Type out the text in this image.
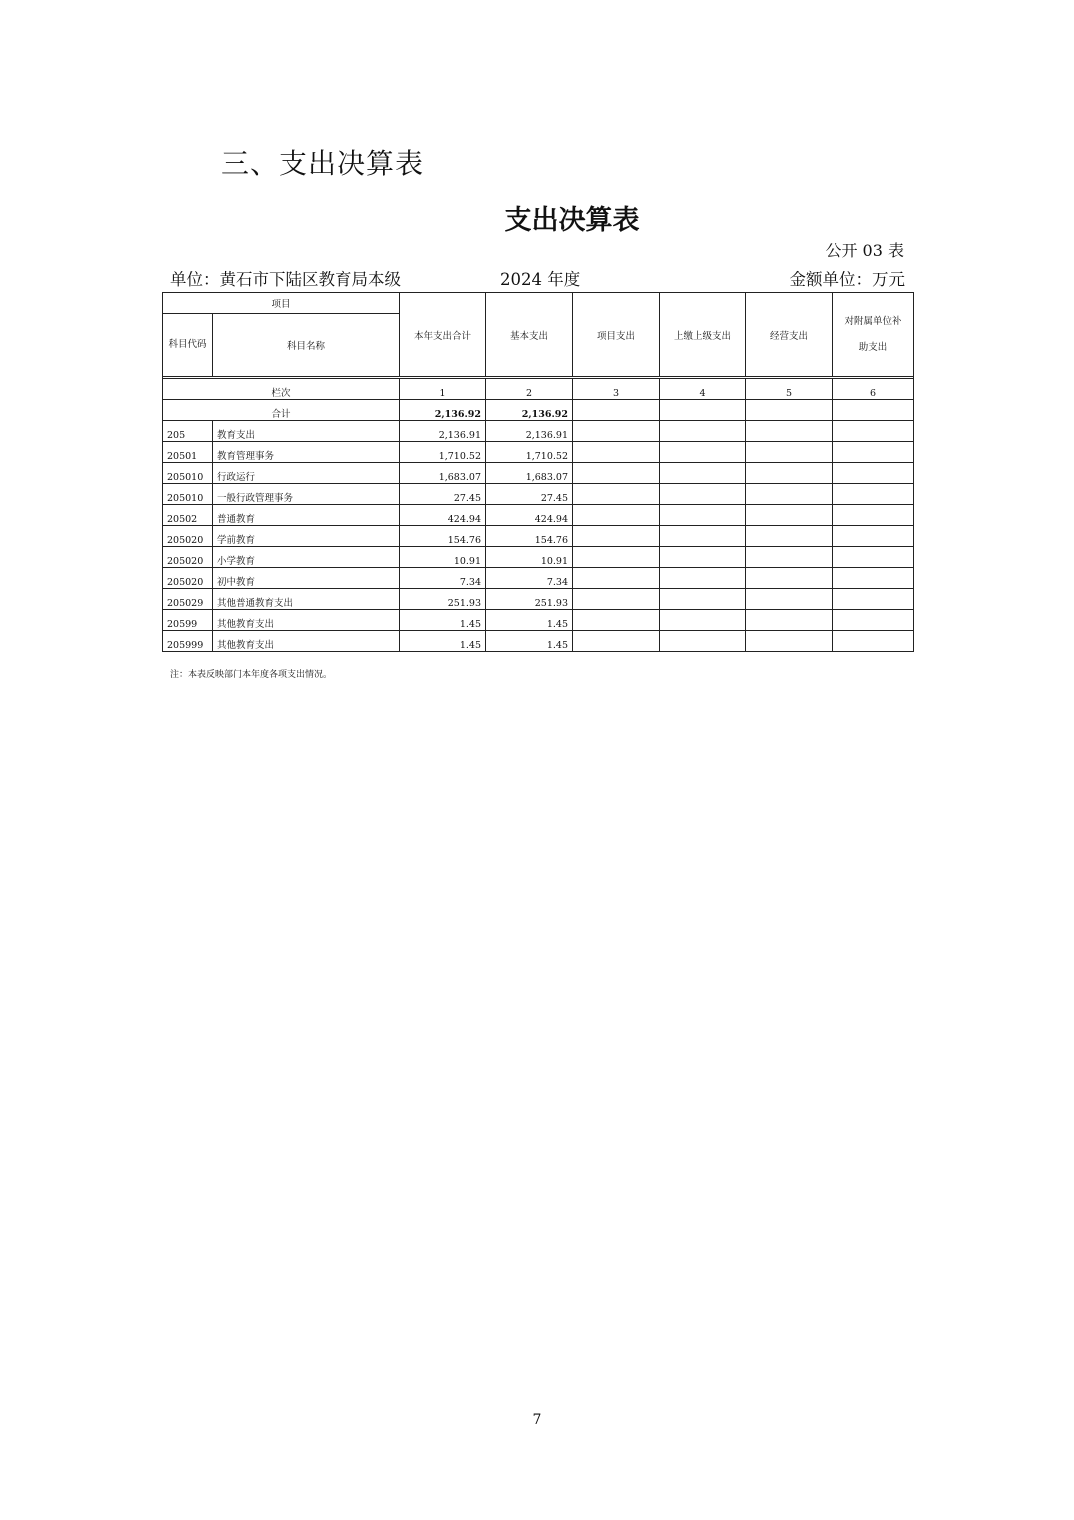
三、支出决算表
支出决算表
公开 03 表
单位：黄石市下陆区教育局本级	2024 年度	金额单位：万元
项目		本年支出合计	基本支出	项目支出	上缴上级支出	经营支出	对附属单位补助支出
科目代码	科目名称						

栏次		1	2	3	4	5	6
合计		2,136.92	2,136.92				
205	教育支出	2,136.91	2,136.91				
20501	教育管理事务	1,710.52	1,710.52				
205010	行政运行	1,683.07	1,683.07				
205010	一般行政管理事务	27.45	27.45				
20502	普通教育	424.94	424.94				
205020	学前教育	154.76	154.76				
205020	小学教育	10.91	10.91				
205020	初中教育	7.34	7.34				
205029	其他普通教育支出	251.93	251.93				
20599	其他教育支出	1.45	1.45				
205999	其他教育支出	1.45	1.45				
注：本表反映部门本年度各项支出情况。
7
